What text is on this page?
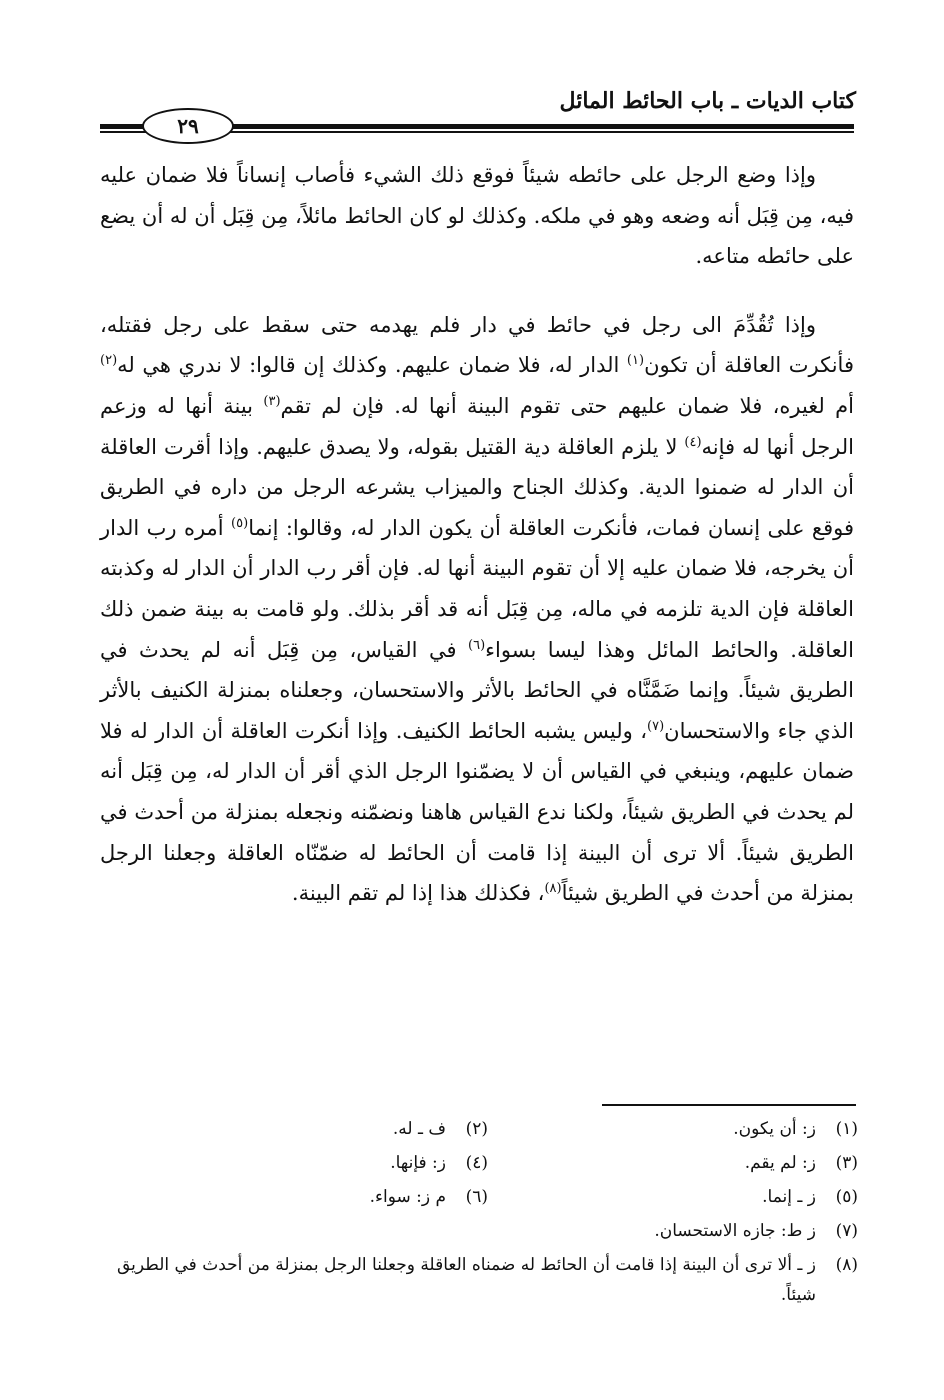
كتاب الديات ـ باب الحائط المائل
٢٩

وإذا وضع الرجل على حائطه شيئاً فوقع ذلك الشيء فأصاب إنساناً فلا ضمان عليه فيه، مِن قِبَل أنه وضعه وهو في ملكه. وكذلك لو كان الحائط مائلاً، مِن قِبَل أن له أن يضع على حائطه متاعه.

وإذا تُقُدِّمَ الى رجل في حائط في دار فلم يهدمه حتى سقط على رجل فقتله، فأنكرت العاقلة أن تكون$^{(١)}$ الدار له، فلا ضمان عليهم. وكذلك إن قالوا: لا ندري هي له$^{(٢)}$ أم لغيره، فلا ضمان عليهم حتى تقوم البينة أنها له. فإن لم تقم$^{(٣)}$ بينة أنها له وزعم الرجل أنها له فإنه$^{(٤)}$ لا يلزم العاقلة دية القتيل بقوله، ولا يصدق عليهم. وإذا أقرت العاقلة أن الدار له ضمنوا الدية. وكذلك الجناح والميزاب يشرعه الرجل من داره في الطريق فوقع على إنسان فمات، فأنكرت العاقلة أن يكون الدار له، وقالوا: إنما$^{(٥)}$ أمره رب الدار أن يخرجه، فلا ضمان عليه إلا أن تقوم البينة أنها له. فإن أقر رب الدار أن الدار له وكذبته العاقلة فإن الدية تلزمه في ماله، مِن قِبَل أنه قد أقر بذلك. ولو قامت به بينة ضمن ذلك العاقلة. والحائط المائل وهذا ليسا بسواء$^{(٦)}$ في القياس، مِن قِبَل أنه لم يحدث في الطريق شيئاً. وإنما ضَمَّنَّاه في الحائط بالأثر والاستحسان، وجعلناه بمنزلة الكنيف بالأثر الذي جاء والاستحسان$^{(٧)}$، وليس يشبه الحائط الكنيف. وإذا أنكرت العاقلة أن الدار له فلا ضمان عليهم، وينبغي في القياس أن لا يضمّنوا الرجل الذي أقر أن الدار له، مِن قِبَل أنه لم يحدث في الطريق شيئاً، ولكنا ندع القياس هاهنا ونضمّنه ونجعله بمنزلة من أحدث في الطريق شيئاً. ألا ترى أن البينة إذا قامت أن الحائط له ضمّنّاه العاقلة وجعلنا الرجل بمنزلة من أحدث في الطريق شيئاً$^{(٨)}$، فكذلك هذا إذا لم تقم البينة.

(١)ز: أن يكون.
(٢)ف ـ له.
(٣)ز: لم يقم.
(٤)ز: فإنها.
(٥)ز ـ إنما.
(٦)م ز: سواء.
(٧)
ز ط: جازه الاستحسان.
(٨)
ز ـ ألا ترى أن البينة إذا قامت أن الحائط له ضمناه العاقلة وجعلنا الرجل بمنزلة من أحدث في الطريق شيئاً.
